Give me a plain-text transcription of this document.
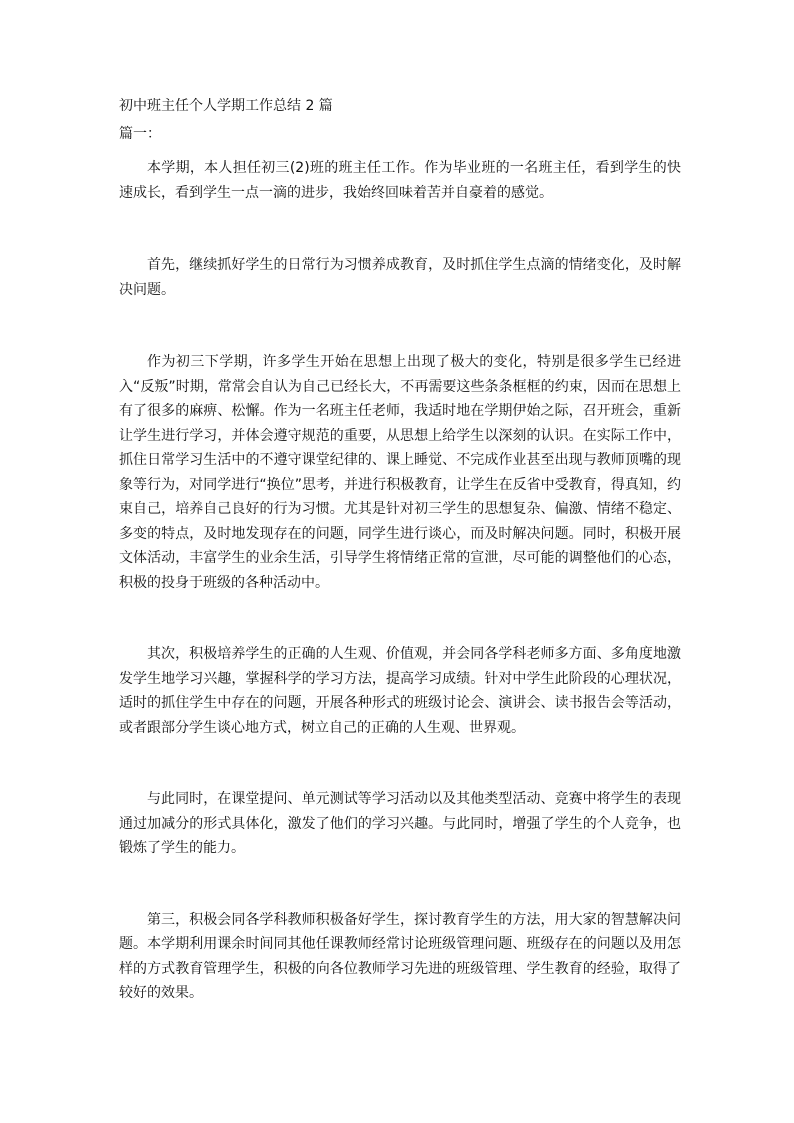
初中班主任个人学期工作总结 2 篇
篇一：

本学期，本人担任初三(2)班的班主任工作。作为毕业班的一名班主任，看到学生的快速成长，看到学生一点一滴的进步，我始终回味着苦并自豪着的感觉。

首先，继续抓好学生的日常行为习惯养成教育，及时抓住学生点滴的情绪变化，及时解决问题。

作为初三下学期，许多学生开始在思想上出现了极大的变化，特别是很多学生已经进入“反叛”时期，常常会自认为自己已经长大，不再需要这些条条框框的约束，因而在思想上有了很多的麻痹、松懈。作为一名班主任老师，我适时地在学期伊始之际，召开班会，重新让学生进行学习，并体会遵守规范的重要，从思想上给学生以深刻的认识。在实际工作中，抓住日常学习生活中的不遵守课堂纪律的、课上睡觉、不完成作业甚至出现与教师顶嘴的现象等行为，对同学进行“换位”思考，并进行积极教育，让学生在反省中受教育，得真知，约束自己，培养自己良好的行为习惯。尤其是针对初三学生的思想复杂、偏激、情绪不稳定、多变的特点，及时地发现存在的问题，同学生进行谈心，而及时解决问题。同时，积极开展文体活动，丰富学生的业余生活，引导学生将情绪正常的宣泄，尽可能的调整他们的心态，积极的投身于班级的各种活动中。

其次，积极培养学生的正确的人生观、价值观，并会同各学科老师多方面、多角度地激发学生地学习兴趣，掌握科学的学习方法，提高学习成绩。针对中学生此阶段的心理状况，适时的抓住学生中存在的问题，开展各种形式的班级讨论会、演讲会、读书报告会等活动，或者跟部分学生谈心地方式，树立自己的正确的人生观、世界观。

与此同时，在课堂提问、单元测试等学习活动以及其他类型活动、竞赛中将学生的表现通过加减分的形式具体化，激发了他们的学习兴趣。与此同时，增强了学生的个人竞争，也锻炼了学生的能力。

第三，积极会同各学科教师积极备好学生，探讨教育学生的方法，用大家的智慧解决问题。本学期利用课余时间同其他任课教师经常讨论班级管理问题、班级存在的问题以及用怎样的方式教育管理学生，积极的向各位教师学习先进的班级管理、学生教育的经验，取得了较好的效果。
